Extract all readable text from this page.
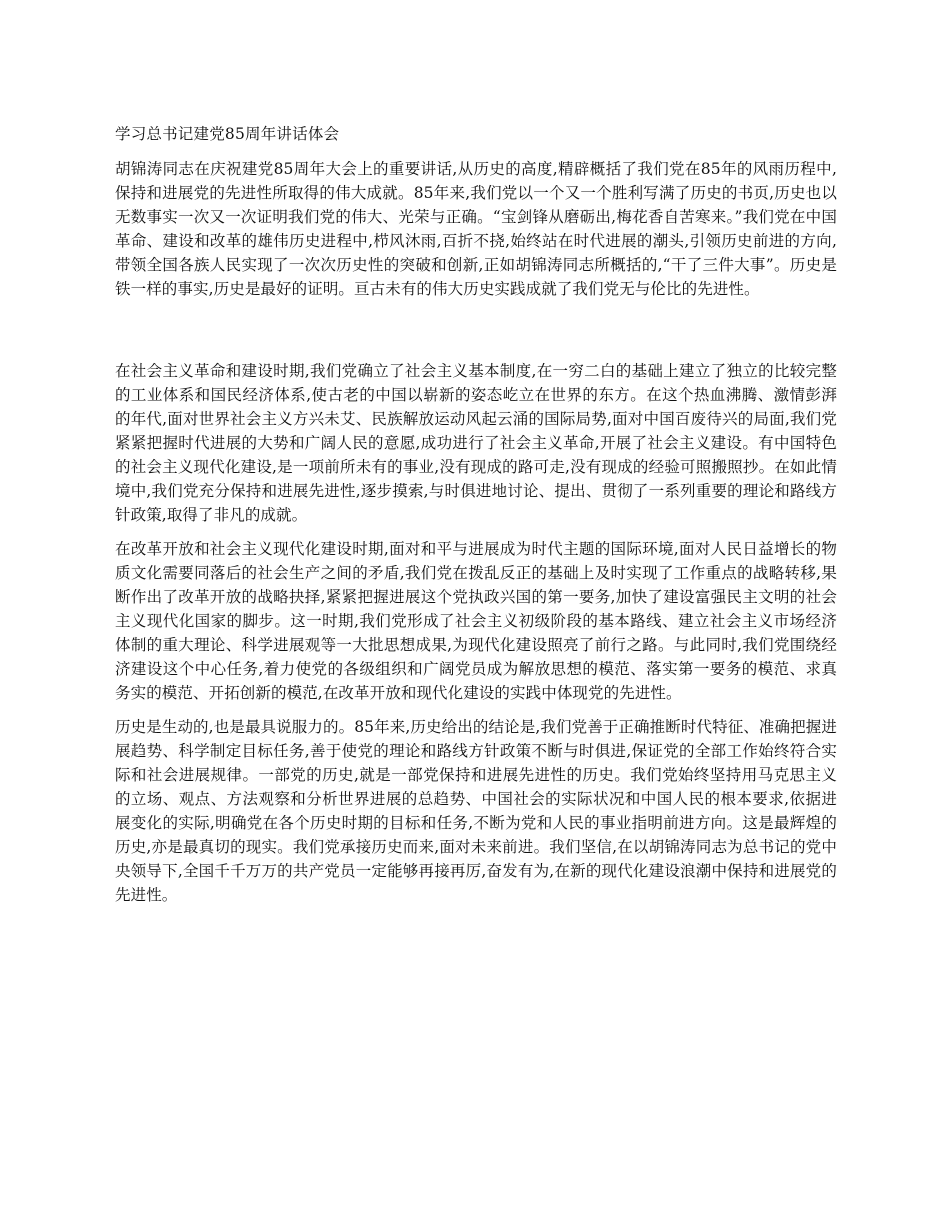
学习总书记建党85周年讲话体会

胡锦涛同志在庆祝建党85周年大会上的重要讲话,从历史的高度,精辟概括了我们党在85年的风雨历程中,保持和进展党的先进性所取得的伟大成就。85年来,我们党以一个又一个胜利写满了历史的书页,历史也以无数事实一次又一次证明我们党的伟大、光荣与正确。“宝剑锋从磨砺出,梅花香自苦寒来。”我们党在中国革命、建设和改革的雄伟历史进程中,栉风沐雨,百折不挠,始终站在时代进展的潮头,引领历史前进的方向,带领全国各族人民实现了一次次历史性的突破和创新,正如胡锦涛同志所概括的,“干了三件大事”。历史是铁一样的事实,历史是最好的证明。亘古未有的伟大历史实践成就了我们党无与伦比的先进性。

在社会主义革命和建设时期,我们党确立了社会主义基本制度,在一穷二白的基础上建立了独立的比较完整的工业体系和国民经济体系,使古老的中国以崭新的姿态屹立在世界的东方。在这个热血沸腾、激情彭湃的年代,面对世界社会主义方兴未艾、民族解放运动风起云涌的国际局势,面对中国百废待兴的局面,我们党紧紧把握时代进展的大势和广阔人民的意愿,成功进行了社会主义革命,开展了社会主义建设。有中国特色的社会主义现代化建设,是一项前所未有的事业,没有现成的路可走,没有现成的经验可照搬照抄。在如此情境中,我们党充分保持和进展先进性,逐步摸索,与时俱进地讨论、提出、贯彻了一系列重要的理论和路线方针政策,取得了非凡的成就。

在改革开放和社会主义现代化建设时期,面对和平与进展成为时代主题的国际环境,面对人民日益增长的物质文化需要同落后的社会生产之间的矛盾,我们党在拨乱反正的基础上及时实现了工作重点的战略转移,果断作出了改革开放的战略抉择,紧紧把握进展这个党执政兴国的第一要务,加快了建设富强民主文明的社会主义现代化国家的脚步。这一时期,我们党形成了社会主义初级阶段的基本路线、建立社会主义市场经济体制的重大理论、科学进展观等一大批思想成果,为现代化建设照亮了前行之路。与此同时,我们党围绕经济建设这个中心任务,着力使党的各级组织和广阔党员成为解放思想的模范、落实第一要务的模范、求真务实的模范、开拓创新的模范,在改革开放和现代化建设的实践中体现党的先进性。

历史是生动的,也是最具说服力的。85年来,历史给出的结论是,我们党善于正确推断时代特征、准确把握进展趋势、科学制定目标任务,善于使党的理论和路线方针政策不断与时俱进,保证党的全部工作始终符合实际和社会进展规律。一部党的历史,就是一部党保持和进展先进性的历史。我们党始终坚持用马克思主义的立场、观点、方法观察和分析世界进展的总趋势、中国社会的实际状况和中国人民的根本要求,依据进展变化的实际,明确党在各个历史时期的目标和任务,不断为党和人民的事业指明前进方向。这是最辉煌的历史,亦是最真切的现实。我们党承接历史而来,面对未来前进。我们坚信,在以胡锦涛同志为总书记的党中央领导下,全国千千万万的共产党员一定能够再接再厉,奋发有为,在新的现代化建设浪潮中保持和进展党的先进性。
